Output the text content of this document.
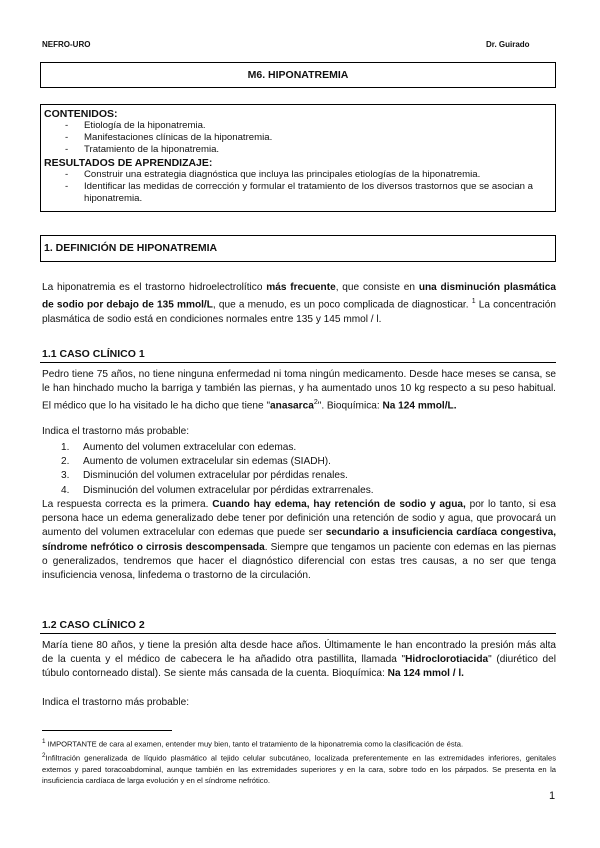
NEFRO-URO	Dr. Guirado
M6. HIPONATREMIA
CONTENIDOS:
- Etiología de la hiponatremia.
- Manifestaciones clínicas de la hiponatremia.
- Tratamiento de la hiponatremia.
RESULTADOS DE APRENDIZAJE:
- Construir una estrategia diagnóstica que incluya las principales etiologías de la hiponatremia.
- Identificar las medidas de corrección y formular el tratamiento de los diversos trastornos que se asocian a hiponatremia.
1. DEFINICIÓN DE HIPONATREMIA

La hiponatremia es el trastorno hidroelectrolítico más frecuente, que consiste en una disminución plasmática de sodio por debajo de 135 mmol/L, que a menudo, es un poco complicada de diagnosticar. $^1$ La concentración plasmática de sodio está en condiciones normales entre 135 y 145 mmol / l.

1.1 CASO CLÍNICO 1

Pedro tiene 75 años, no tiene ninguna enfermedad ni toma ningún medicamento. Desde hace meses se cansa, se le han hinchado mucho la barriga y también las piernas, y ha aumentado unos 10 kg respecto a su peso habitual. El médico que lo ha visitado le ha dicho que tiene "anasarca$^2$". Bioquímica: Na 124 mmol/L.

Indica el trastorno más probable:

1. Aumento del volumen extracelular con edemas.
2. Aumento de volumen extracelular sin edemas (SIADH).
3. Disminución del volumen extracelular por pérdidas renales.
4. Disminución del volumen extracelular por pérdidas extrarrenales.

La respuesta correcta es la primera. Cuando hay edema, hay retención de sodio y agua, por lo tanto, si esa persona hace un edema generalizado debe tener por definición una retención de sodio y agua, que provocará un aumento del volumen extracelular con edemas que puede ser secundario a insuficiencia cardíaca congestiva, síndrome nefrótico o cirrosis descompensada. Siempre que tengamos un paciente con edemas en las piernas o generalizados, tendremos que hacer el diagnóstico diferencial con estas tres causas, a no ser que tenga insuficiencia venosa, linfedema o trastorno de la circulación.

1.2 CASO CLÍNICO 2

María tiene 80 años, y tiene la presión alta desde hace años. Últimamente le han encontrado la presión más alta de la cuenta y el médico de cabecera le ha añadido otra pastillita, llamada "Hidroclorotiacida" (diurético del túbulo contorneado distal). Se siente más cansada de la cuenta. Bioquímica: Na 124 mmol / l.

Indica el trastorno más probable:

$^1$ IMPORTANTE de cara al examen, entender muy bien, tanto el tratamiento de la hiponatremia como la clasificación de ésta.
$^2$Infiltración generalizada de líquido plasmático al tejido celular subcutáneo, localizada preferentemente en las extremidades inferiores, genitales externos y pared toracoabdominal, aunque también en las extremidades superiores y en la cara, sobre todo en los párpados. Se presenta en la insuficiencia cardíaca de larga evolución y en el síndrome nefrótico.
1
